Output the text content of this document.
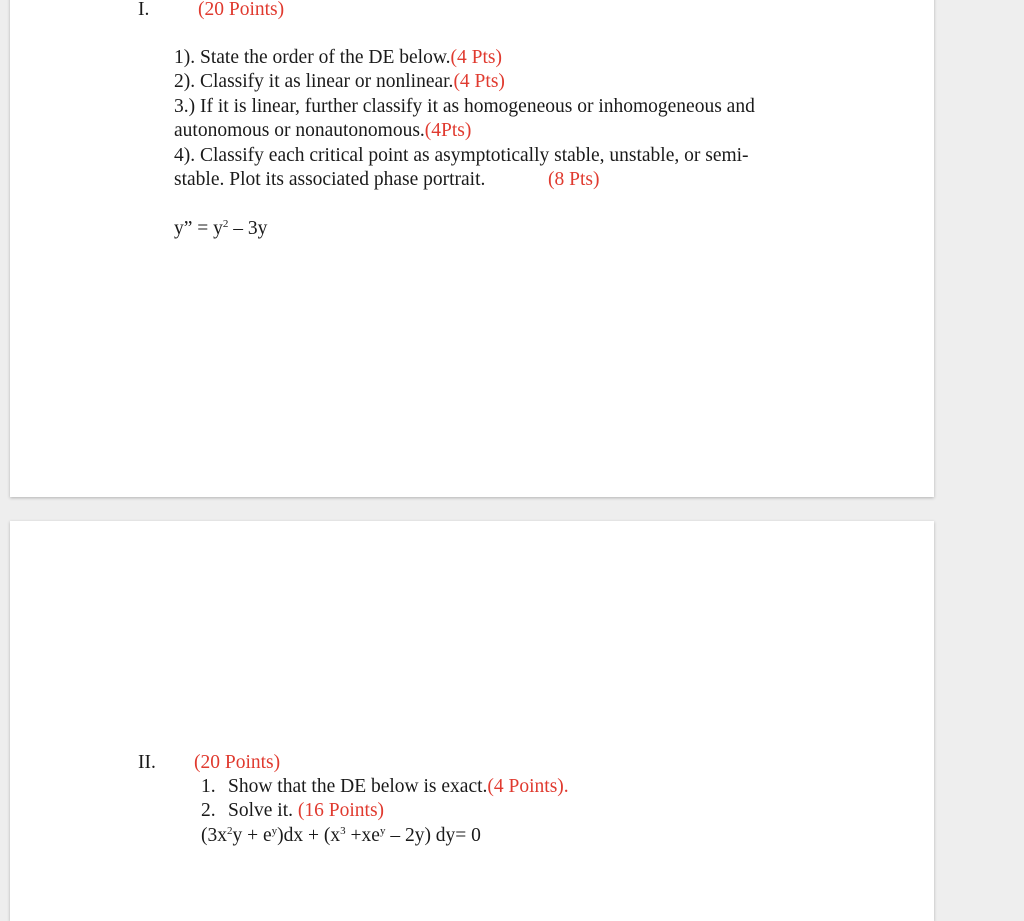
I. (20 Points)
1). State the order of the DE below.(4 Pts)
2). Classify it as linear or nonlinear.(4 Pts)
3.) If it is linear, further classify it as homogeneous or inhomogeneous and
autonomous or nonautonomous.(4Pts)
4). Classify each critical point as asymptotically stable, unstable, or semi-
stable. Plot its associated phase portrait.	(8 Pts)
y” = $y^2 - 3y$
II. (20 Points)
1. Show that the DE below is exact.(4 Points).
2. Solve it. (16 Points)
$(3x^2y + e^y)dx + (x^3 +xe^y - 2y)$ dy= 0
